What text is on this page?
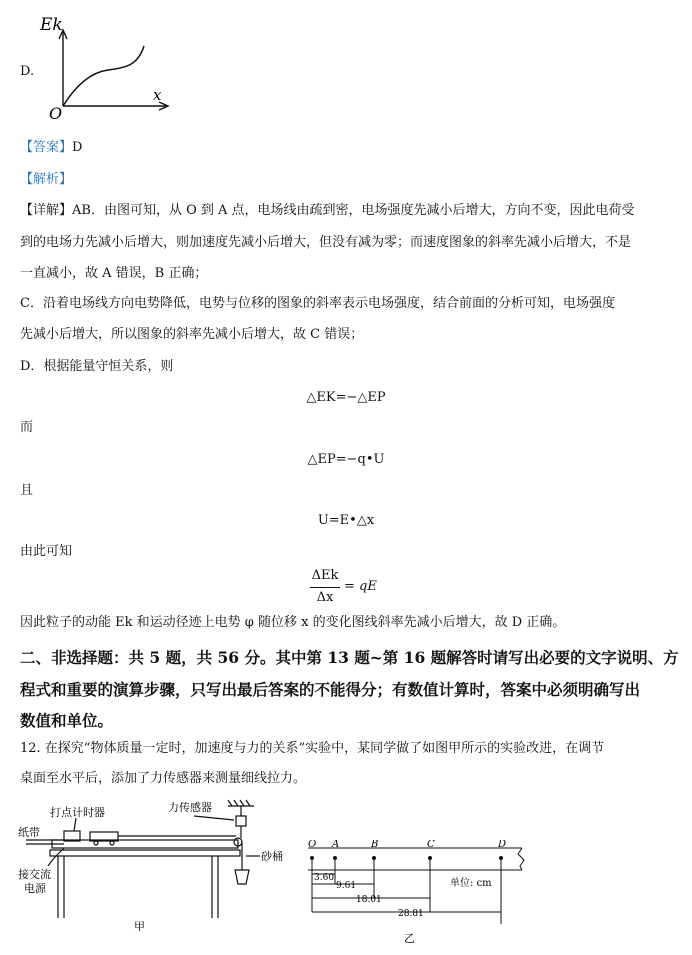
D.
Ek
x
O
【答案】D
【解析】
【详解】AB．由图可知，从 O 到 A 点，电场线由疏到密，电场强度先减小后增大，方向不变，因此电荷受
到的电场力先减小后增大，则加速度先减小后增大，但没有减为零；而速度图象的斜率先减小后增大，不是
一直减小，故 A 错误，B 正确；
C．沿着电场线方向电势降低，电势与位移的图象的斜率表示电场强度，结合前面的分析可知，电场强度
先减小后增大，所以图象的斜率先减小后增大，故 C 错误；
D．根据能量守恒关系，则
△EK=−△EP
而
△EP=−q•U
且
U=E•△x
由此可知
ΔEk
Δx
= qE
因此粒子的动能 Ek 和运动径迹上电势 φ 随位移 x 的变化图线斜率先减小后增大，故 D 正确。
二、非选择题：共 5 题，共 56 分。其中第 13 题~第 16 题解答时请写出必要的文字说明、方
程式和重要的演算步骤，只写出最后答案的不能得分；有数值计算时，答案中必须明确写出
数值和单位。
12. 在探究“物体质量一定时，加速度与力的关系”实验中，某同学做了如图甲所示的实验改进，在调节
桌面至水平后，添加了力传感器来测量细线拉力。
打点计时器	力传感器
纸带
砂桶
接交流
电源
甲
O A	B	C	D
3.60
9.61
18.01
28.81
单位: cm
乙
